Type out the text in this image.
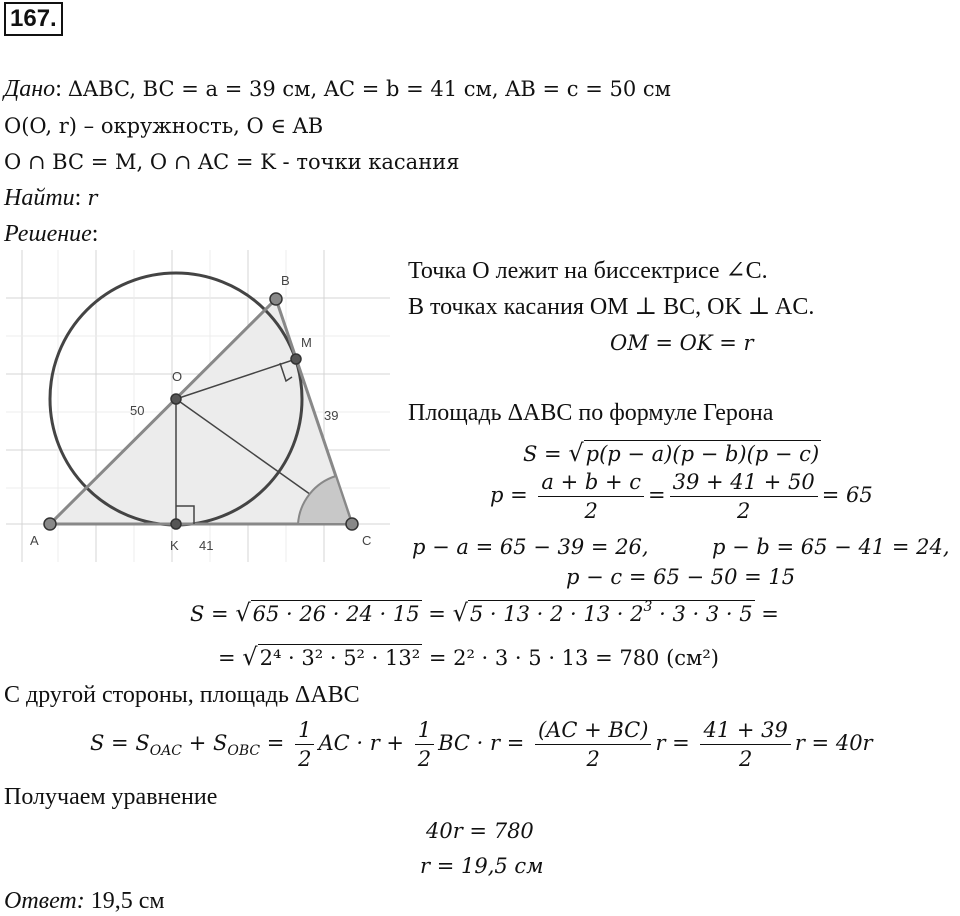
167.
Дано: ΔABC, BC = a = 39 см, AC = b = 41 см, AB = c = 50 см
O(O, r) – окружность, O ∈ AB
O ∩ BC = M, O ∩ AC = K - точки касания
Найти: r
Решение:
A
B
C
O
M
K
50	39
41
Точка O лежит на биссектрисе ∠C.
В точках касания OM ⊥ BC, OK ⊥ AC.
OM = OK = r
Площадь ΔABC по формуле Герона
S = √p(p − a)(p − b)(p − c)
$p = \frac{a + b + c}{2} = \frac{39 + 41 + 50}{2} = 65$
p − a = 65 − 39 = 26,	p − b = 65 − 41 = 24,
p − c = 65 − 50 = 15
$S = √65 \cdot 26 \cdot 24 \cdot 15 = √5 \cdot 13 \cdot 2 \cdot 13 \cdot 2^3 \cdot 3 \cdot 3 \cdot 5$ =
= √2⁴ · 3² · 5² · 13² = 2² · 3 · 5 · 13 = 780 (см²)
С другой стороны, площадь ΔABC
$S = S_{OAC} + S_{OBC} = \frac{1}{2}$ AC · $r + \frac{1}{2}$ BC · $r = \frac{(AC + BC)}{2}$ $r = \frac{41 + 39}{2}$ r = 40r
Получаем уравнение
40r = 780
r = 19,5 см
Ответ: 19,5 см
